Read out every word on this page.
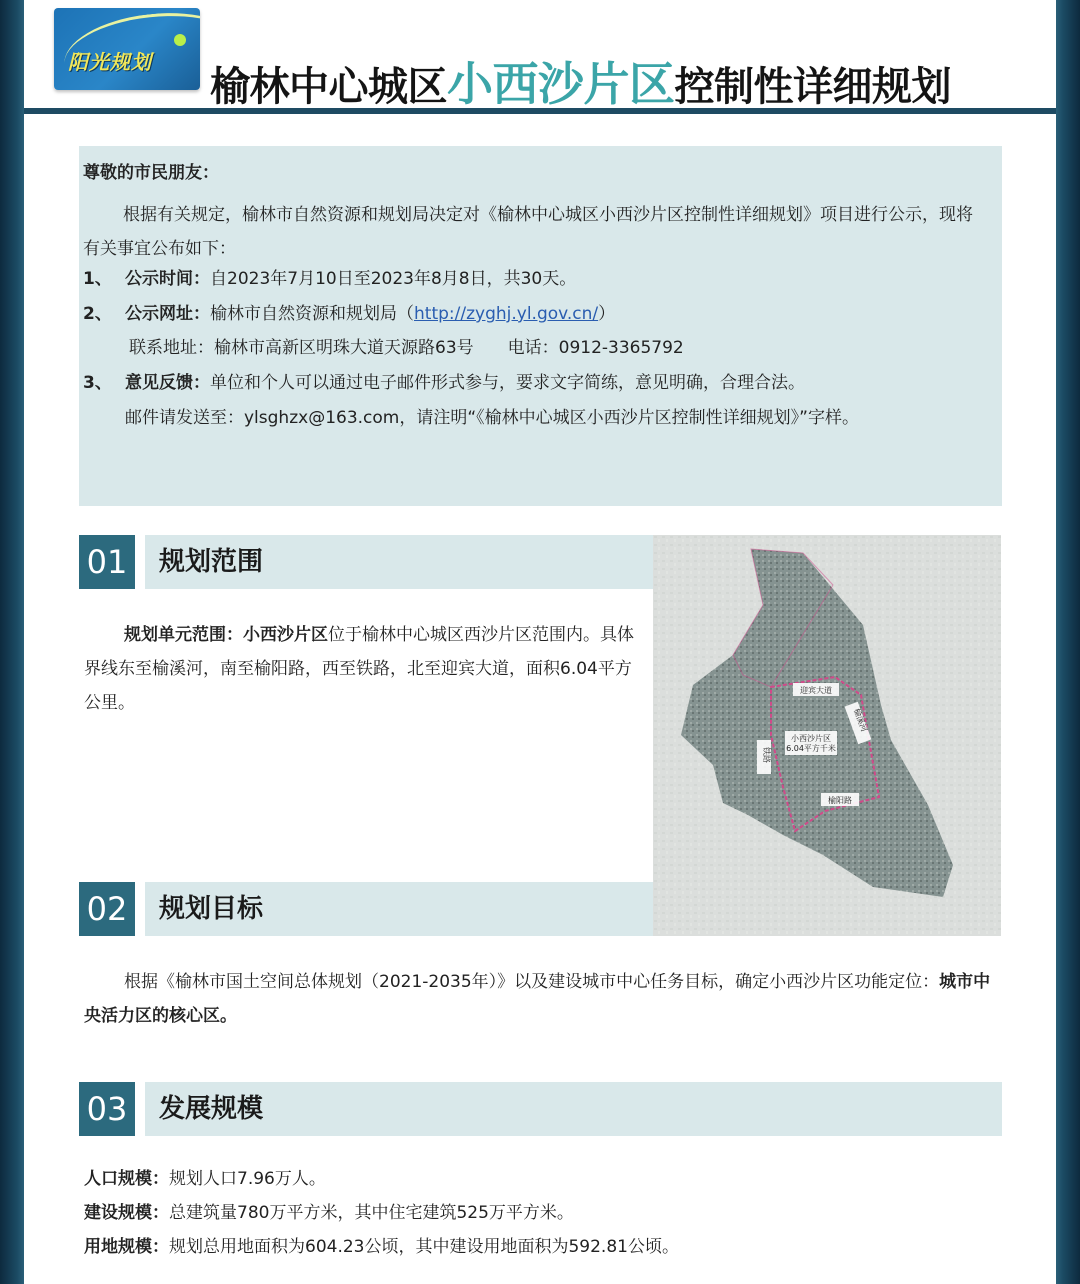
阳光规划
榆林中心城区小西沙片区控制性详细规划

尊敬的市民朋友：

根据有关规定，榆林市自然资源和规划局决定对《榆林中心城区小西沙片区控制性详细规划》项目进行公示，现将有关事宜公布如下：

1、 公示时间：自2023年7月10日至2023年8月8日，共30天。

2、 公示网址：榆林市自然资源和规划局（http://zyghj.yl.gov.cn/）

联系地址：榆林市高新区明珠大道天源路63号 电话：0912-3365792

3、 意见反馈：单位和个人可以通过电子邮件形式参与，要求文字简练，意见明确，合理合法。

邮件请发送至：ylsghzx@163.com，请注明“《榆林中心城区小西沙片区控制性详细规划》”字样。

迎宾大道
榆溪河
铁路
榆阳路
小西沙片区
6.04平方千米
01 规划范围
规划单元范围：小西沙片区位于榆林中心城区西沙片区范围内。具体界线东至榆溪河，南至榆阳路，西至铁路，北至迎宾大道，面积6.04平方公里。
02 规划目标
根据《榆林市国土空间总体规划（2021-2035年）》以及建设城市中心任务目标，确定小西沙片区功能定位：城市中央活力区的核心区。
03 发展规模
人口规模：规划人口7.96万人。
建设规模：总建筑量780万平方米，其中住宅建筑525万平方米。
用地规模：规划总用地面积为604.23公顷，其中建设用地面积为592.81公顷。
